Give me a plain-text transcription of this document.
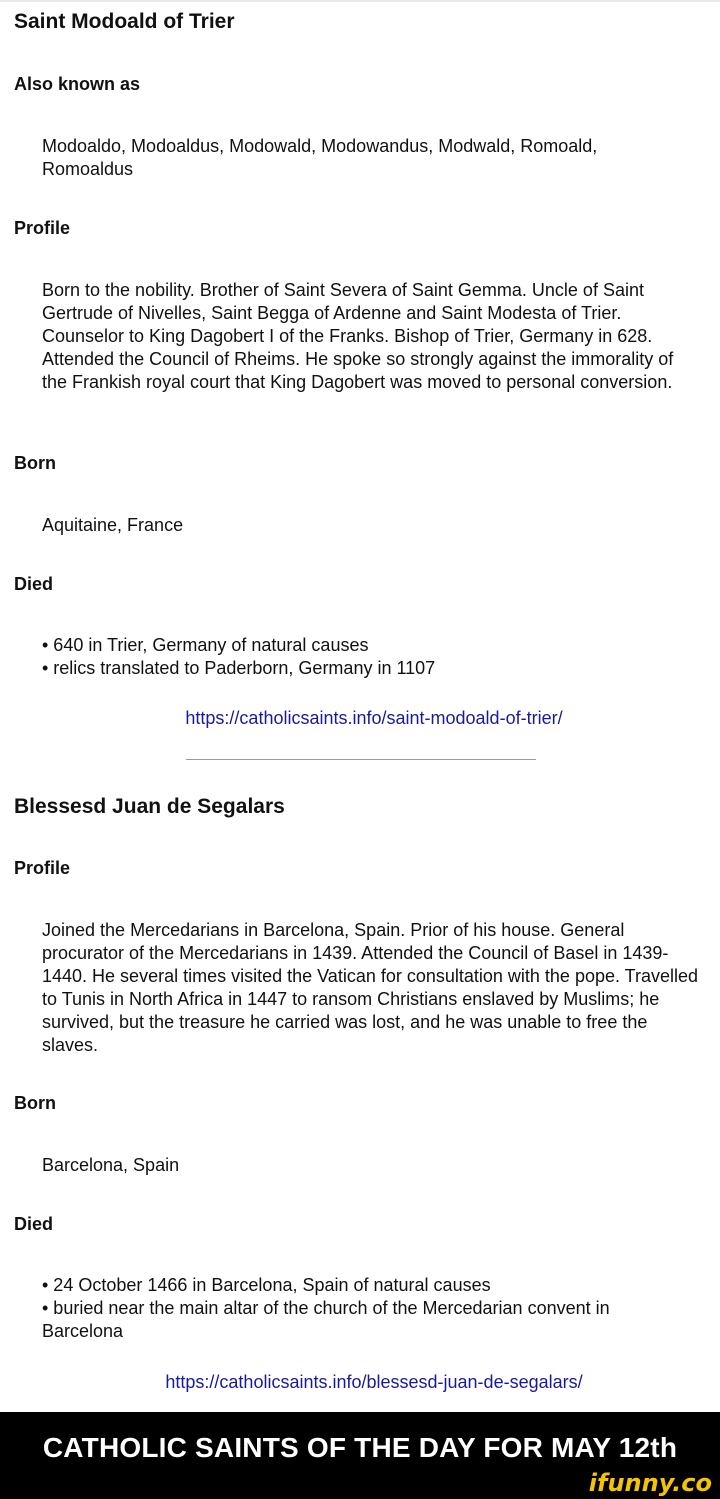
Saint Modoald of Trier
Also known as
Modoaldo, Modoaldus, Modowald, Modowandus, Modwald, Romoald, Romoaldus
Profile
Born to the nobility. Brother of Saint Severa of Saint Gemma. Uncle of Saint Gertrude of Nivelles, Saint Begga of Ardenne and Saint Modesta of Trier. Counselor to King Dagobert I of the Franks. Bishop of Trier, Germany in 628. Attended the Council of Rheims. He spoke so strongly against the immorality of the Frankish royal court that King Dagobert was moved to personal conversion.
Born
Aquitaine, France
Died
• 640 in Trier, Germany of natural causes
• relics translated to Paderborn, Germany in 1107
https://catholicsaints.info/saint-modoald-of-trier/
Blessesd Juan de Segalars
Profile
Joined the Mercedarians in Barcelona, Spain. Prior of his house. General procurator of the Mercedarians in 1439. Attended the Council of Basel in 1439-1440. He several times visited the Vatican for consultation with the pope. Travelled to Tunis in North Africa in 1447 to ransom Christians enslaved by Muslims; he survived, but the treasure he carried was lost, and he was unable to free the slaves.
Born
Barcelona, Spain
Died
• 24 October 1466 in Barcelona, Spain of natural causes
• buried near the main altar of the church of the Mercedarian convent in Barcelona
https://catholicsaints.info/blessesd-juan-de-segalars/
CATHOLIC SAINTS OF THE DAY FOR MAY 12th
ifunny.co
